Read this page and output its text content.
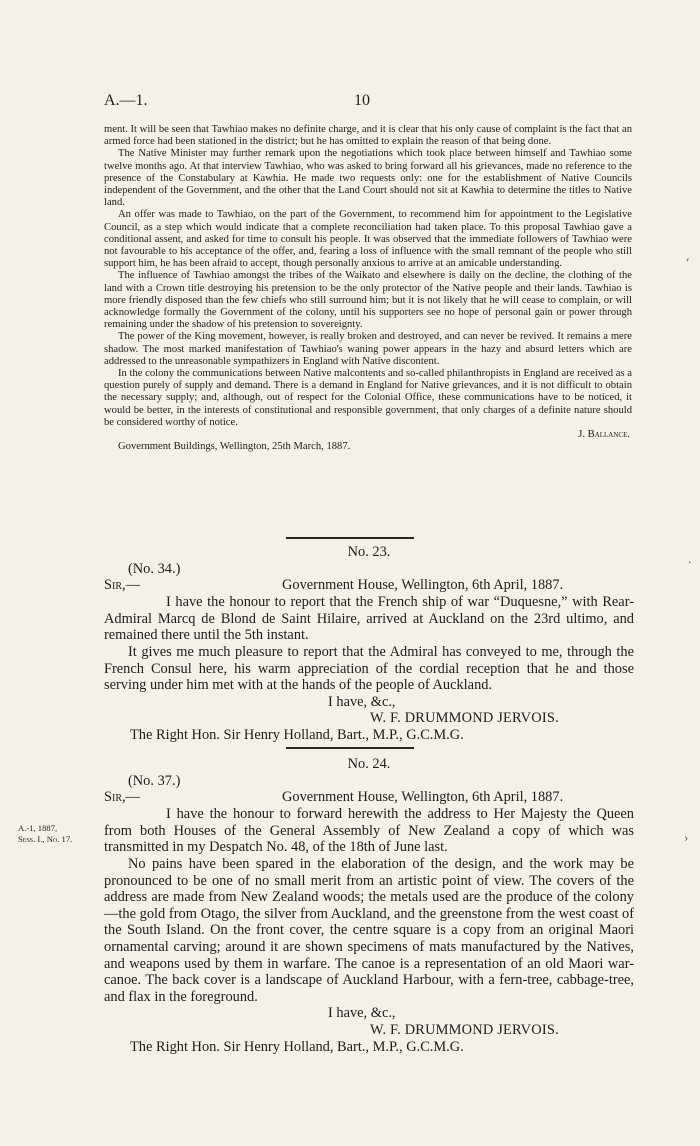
A.—1.	10

ment. It will be seen that Tawhiao makes no definite charge, and it is clear that his only cause of complaint is the fact that an armed force had been stationed in the district; but he has omitted to explain the reason of that being done.

The Native Minister may further remark upon the negotiations which took place between himself and Tawhiao some twelve months ago. At that interview Tawhiao, who was asked to bring forward all his grievances, made no reference to the presence of the Constabulary at Kawhia. He made two requests only: one for the establishment of Native Councils independent of the Government, and the other that the Land Court should not sit at Kawhia to determine the titles to Native land.

An offer was made to Tawhiao, on the part of the Government, to recommend him for appointment to the Legislative Council, as a step which would indicate that a complete reconciliation had taken place. To this proposal Tawhiao gave a conditional assent, and asked for time to consult his people. It was observed that the immediate followers of Tawhiao were not favourable to his acceptance of the offer, and, fearing a loss of influence with the small remnant of the people who still support him, he has been afraid to accept, though personally anxious to arrive at an amicable understanding.

The influence of Tawhiao amongst the tribes of the Waikato and elsewhere is daily on the decline, the clothing of the land with a Crown title destroying his pretension to be the only protector of the Native people and their lands. Tawhiao is more friendly disposed than the few chiefs who still surround him; but it is not likely that he will cease to complain, or will acknowledge formally the Government of the colony, until his supporters see no hope of personal gain or power through remaining under the shadow of his pretension to sovereignty.

The power of the King movement, however, is really broken and destroyed, and can never be revived. It remains a mere shadow. The most marked manifestation of Tawhiao's waning power appears in the hazy and absurd letters which are addressed to the unreasonable sympathizers in England with Native discontent.

In the colony the communications between Native malcontents and so-called philanthropists in England are received as a question purely of supply and demand. There is a demand in England for Native grievances, and it is not difficult to obtain the necessary supply; and, although, out of respect for the Colonial Office, these communications have to be noticed, it would be better, in the interests of constitutional and responsible government, that only charges of a definite nature should be considered worthy of notice.

J. Ballance.

Government Buildings, Wellington, 25th March, 1887.

No. 23.

(No. 34.)

Sir,—	Government House, Wellington, 6th April, 1887.

I have the honour to report that the French ship of war “Duquesne,” with Rear-Admiral Marcq de Blond de Saint Hilaire, arrived at Auckland on the 23rd ultimo, and remained there until the 5th instant.

It gives me much pleasure to report that the Admiral has conveyed to me, through the French Consul here, his warm appreciation of the cordial reception that he and those serving under him met with at the hands of the people of Auckland.

I have, &c.,

W. F. DRUMMOND JERVOIS.

The Right Hon. Sir Henry Holland, Bart., M.P., G.C.M.G.

No. 24.

(No. 37.)

Sir,—	Government House, Wellington, 6th April, 1887.

I have the honour to forward herewith the address to Her Majesty the Queen from both Houses of the General Assembly of New Zealand a copy of which was transmitted in my Despatch No. 48, of the 18th of June last.

No pains have been spared in the elaboration of the design, and the work may be pronounced to be one of no small merit from an artistic point of view. The covers of the address are made from New Zealand woods; the metals used are the produce of the colony—the gold from Otago, the silver from Auckland, and the greenstone from the west coast of the South Island. On the front cover, the centre square is a copy from an original Maori ornamental carving; around it are shown specimens of mats manufactured by the Natives, and weapons used by them in warfare. The canoe is a representation of an old Maori war-canoe. The back cover is a landscape of Auckland Harbour, with a fern-tree, cabbage-tree, and flax in the foreground.

I have, &c.,

W. F. DRUMMOND JERVOIS.

The Right Hon. Sir Henry Holland, Bart., M.P., G.C.M.G.

A.-1, 1887,
Sess. I., No. 17.
‚
·
›
